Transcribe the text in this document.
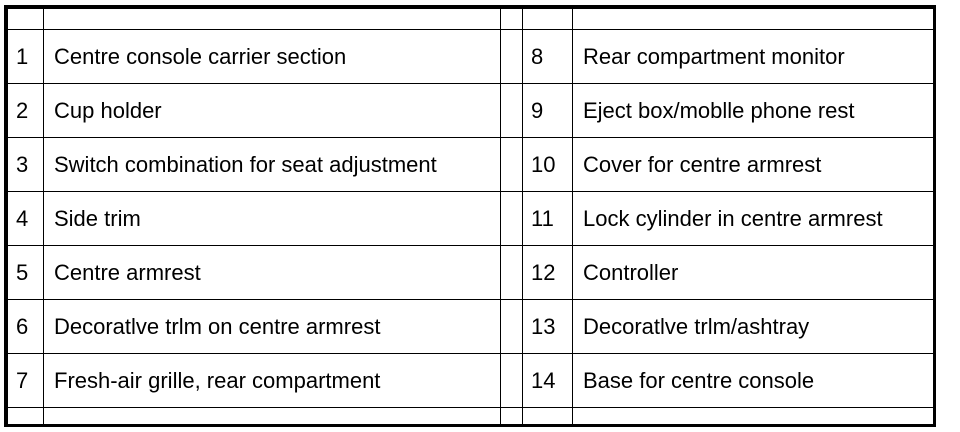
1	Centre console carrier section		8	Rear compartment monitor
2	Cup holder		9	Eject box/moblle phone rest
3	Switch combination for seat adjustment		10	Cover for centre armrest
4	Side trim		11	Lock cylinder in centre armrest
5	Centre armrest		12	Controller
6	Decoratlve trlm on centre armrest		13	Decoratlve trlm/ashtray
7	Fresh-air grille, rear compartment		14	Base for centre console
